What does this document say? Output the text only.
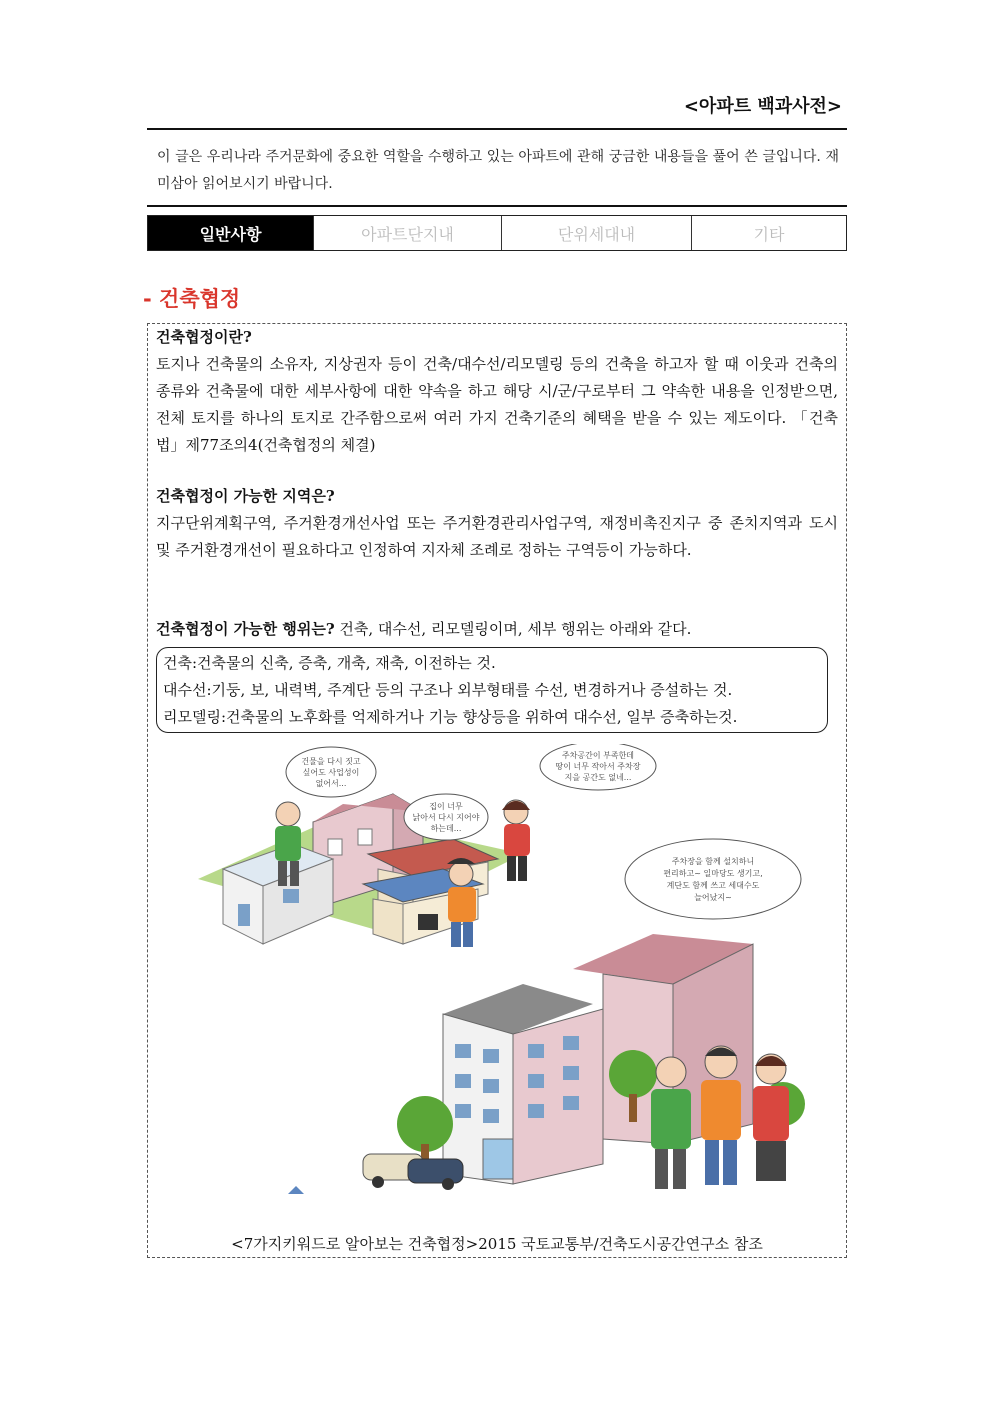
<아파트 백과사전>
이 글은 우리나라 주거문화에 중요한 역할을 수행하고 있는 아파트에 관해 궁금한 내용들을 풀어 쓴 글입니다. 재미삼아 읽어보시기 바랍니다.
일반사항	아파트단지내	단위세대내	기타
- 건축협정
건축협정이란?
토지나 건축물의 소유자, 지상권자 등이 건축/대수선/리모델링 등의 건축을 하고자 할 때 이웃과 건축의 종류와 건축물에 대한 세부사항에 대한 약속을 하고 해당 시/군/구로부터 그 약속한 내용을 인정받으면, 전체 토지를 하나의 토지로 간주함으로써 여러 가지 건축기준의 혜택을 받을 수 있는 제도이다. 「건축법」제77조의4(건축협정의 체결)
건축협정이 가능한 지역은?
지구단위계획구역, 주거환경개선사업 또는 주거환경관리사업구역, 재정비촉진지구 중 존치지역과 도시 및 주거환경개선이 필요하다고 인정하여 지자체 조례로 정하는 구역등이 가능하다.
건축협정이 가능한 행위는? 건축, 대수선, 리모델링이며, 세부 행위는 아래와 같다.
건축:건축물의 신축, 증축, 개축, 재축, 이전하는 것.
대수선:기둥, 보, 내력벽, 주계단 등의 구조나 외부형태를 수선, 변경하거나 증설하는 것.
리모델링:건축물의 노후화를 억제하거나 기능 향상등을 위하여 대수선, 일부 증축하는것.
건물을 다시 짓고
싶어도 사업성이
없어서...
집이 너무
낡아서 다시 지어야
하는데...
주차공간이 부족한데
땅이 너무 작아서 주차장
지을 공간도 없네...
주차장을 함께 설치하니
편리하고~ 일마당도 생기고,
계단도 함께 쓰고 세대수도
늘어났지~
<7가지키워드로 알아보는 건축협정>2015 국토교통부/건축도시공간연구소 참조
